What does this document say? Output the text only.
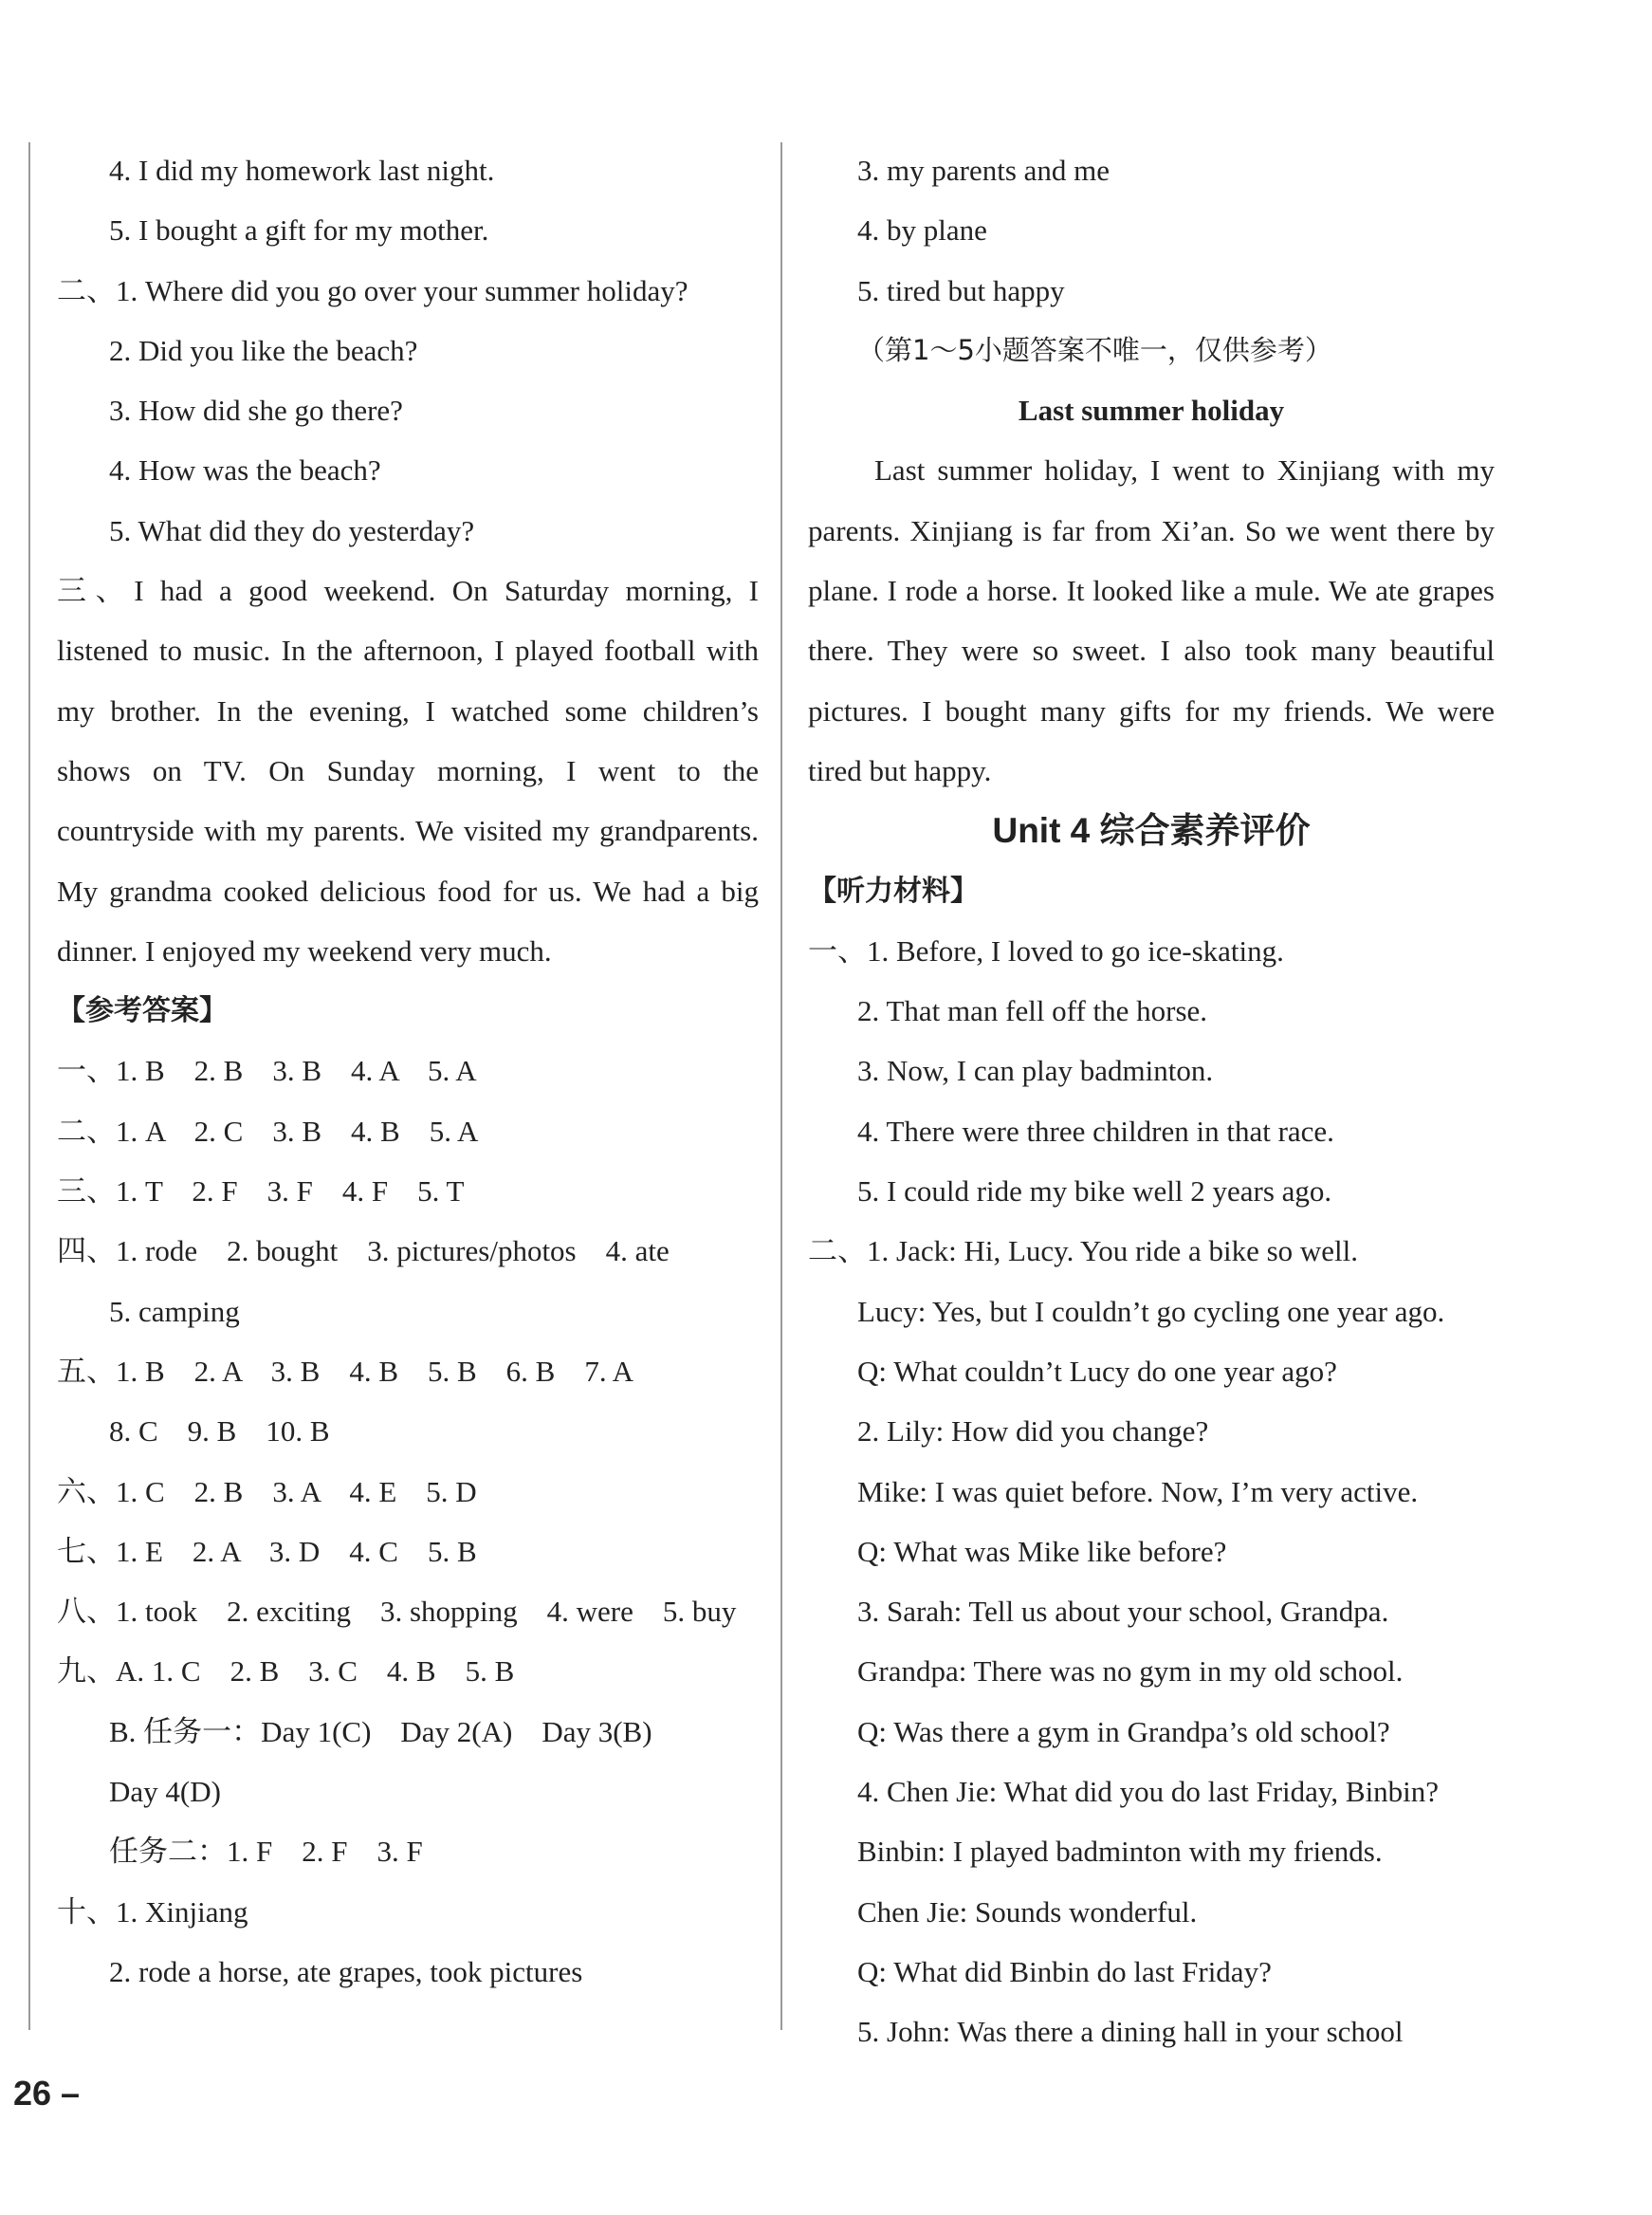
4. I did my homework last night.
5. I bought a gift for my mother.
二、1. Where did you go over your summer holiday?
2. Did you like the beach?
3. How did she go there?
4. How was the beach?
5. What did they do yesterday?

三、I had a good weekend. On Saturday morning, I listened to music. In the afternoon, I played football with my brother. In the evening, I watched some children’s shows on TV. On Sunday morning, I went to the countryside with my parents. We visited my grandparents. My grandma cooked delicious food for us. We had a big dinner. I enjoyed my weekend very much.

【参考答案】
一、1. B　2. B　3. B　4. A　5. A
二、1. A　2. C　3. B　4. B　5. A
三、1. T　2. F　3. F　4. F　5. T
四、1. rode　2. bought　3. pictures/photos　4. ate
5. camping
五、1. B　2. A　3. B　4. B　5. B　6. B　7. A
8. C　9. B　10. B
六、1. C　2. B　3. A　4. E　5. D
七、1. E　2. A　3. D　4. C　5. B
八、1. took　2. exciting　3. shopping　4. were　5. buy
九、A. 1. C　2. B　3. C　4. B　5. B
B. 任务一：Day 1(C)　Day 2(A)　Day 3(B)
Day 4(D)
任务二：1. F　2. F　3. F
十、1. Xinjiang
2. rode a horse, ate grapes, took pictures
3. my parents and me
4. by plane
5. tired but happy
（第1～5小题答案不唯一，仅供参考）
Last summer holiday

Last summer holiday, I went to Xinjiang with my parents. Xinjiang is far from Xi’an. So we went there by plane. I rode a horse. It looked like a mule. We ate grapes there. They were so sweet. I also took many beautiful pictures. I bought many gifts for my friends. We were tired but happy.

Unit 4 综合素养评价
【听力材料】
一、1. Before, I loved to go ice-skating.
2. That man fell off the horse.
3. Now, I can play badminton.
4. There were three children in that race.
5. I could ride my bike well 2 years ago.
二、1. Jack: Hi, Lucy. You ride a bike so well.
Lucy: Yes, but I couldn’t go cycling one year ago.
Q: What couldn’t Lucy do one year ago?
2. Lily: How did you change?
Mike: I was quiet before. Now, I’m very active.
Q: What was Mike like before?
3. Sarah: Tell us about your school, Grandpa.
Grandpa: There was no gym in my old school.
Q: Was there a gym in Grandpa’s old school?
4. Chen Jie: What did you do last Friday, Binbin?
Binbin: I played badminton with my friends.
Chen Jie: Sounds wonderful.
Q: What did Binbin do last Friday?
5. John: Was there a dining hall in your school
26 –
